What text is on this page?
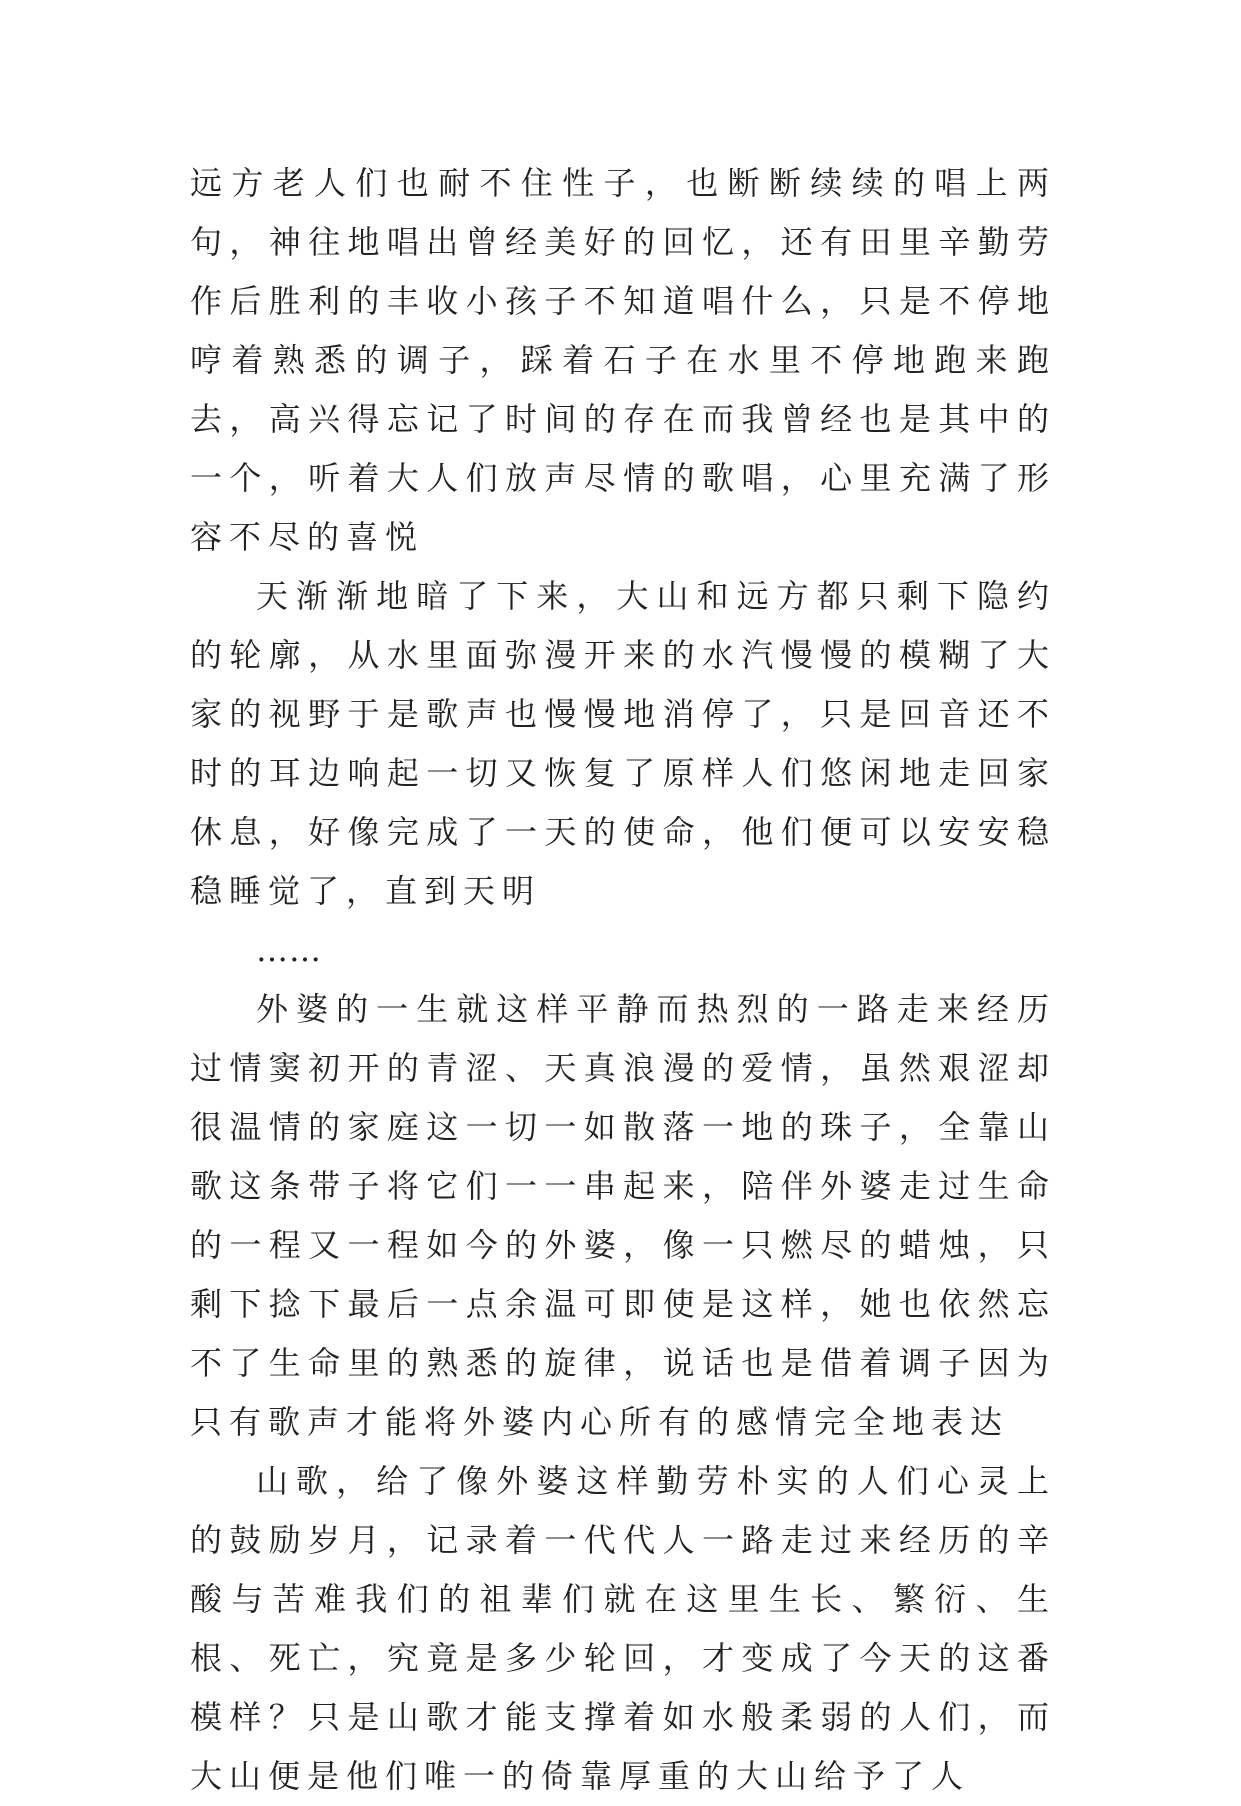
远方老人们也耐不住性子，也断断续续的唱上两句，神往地唱出曾经美好的回忆，还有田里辛勤劳作后胜利的丰收小孩子不知道唱什么，只是不停地哼着熟悉的调子，踩着石子在水里不停地跑来跑去，高兴得忘记了时间的存在而我曾经也是其中的一个，听着大人们放声尽情的歌唱，心里充满了形容不尽的喜悦

天渐渐地暗了下来，大山和远方都只剩下隐约的轮廓，从水里面弥漫开来的水汽慢慢的模糊了大家的视野于是歌声也慢慢地消停了，只是回音还不时的耳边响起一切又恢复了原样人们悠闲地走回家休息，好像完成了一天的使命，他们便可以安安稳稳睡觉了，直到天明

……

外婆的一生就这样平静而热烈的一路走来经历过情窦初开的青涩、天真浪漫的爱情，虽然艰涩却很温情的家庭这一切一如散落一地的珠子，全靠山歌这条带子将它们一一串起来，陪伴外婆走过生命的一程又一程如今的外婆，像一只燃尽的蜡烛，只剩下捻下最后一点余温可即使是这样，她也依然忘不了生命里的熟悉的旋律，说话也是借着调子因为只有歌声才能将外婆内心所有的感情完全地表达

山歌，给了像外婆这样勤劳朴实的人们心灵上的鼓励岁月，记录着一代代人一路走过来经历的辛酸与苦难我们的祖辈们就在这里生长、繁衍、生根、死亡，究竟是多少轮回，才变成了今天的这番模样？只是山歌才能支撑着如水般柔弱的人们，而大山便是他们唯一的倚靠厚重的大山给予了人
